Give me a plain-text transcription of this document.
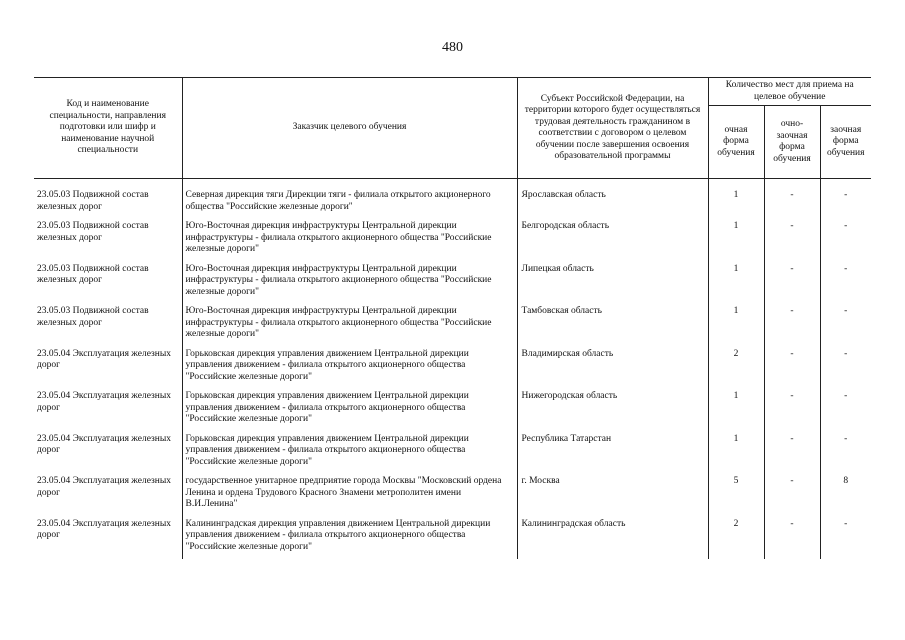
480
Код и наименование специальности, направления подготовки или шифр и наименование научной специальности	Заказчик целевого обучения	Субъект Российской Федерации, на территории которого будет осуществляться трудовая деятельность гражданином в соответствии с договором о целевом обучении после завершения освоения образовательной программы	Количество мест для приема на целевое обучение		
			очная форма обучения	очно-заочная форма обучения	заочная форма обучения

23.05.03 Подвижной состав железных дорог	Северная дирекция тяги Дирекции тяги - филиала открытого акционерного общества "Российские железные дороги"	Ярославская область	1	-	-
23.05.03 Подвижной состав железных дорог	Юго-Восточная дирекция инфраструктуры Центральной дирекции инфраструктуры - филиала открытого акционерного общества "Российские железные дороги"	Белгородская область	1	-	-
23.05.03 Подвижной состав железных дорог	Юго-Восточная дирекция инфраструктуры Центральной дирекции инфраструктуры - филиала открытого акционерного общества "Российские железные дороги"	Липецкая область	1	-	-
23.05.03 Подвижной состав железных дорог	Юго-Восточная дирекция инфраструктуры Центральной дирекции инфраструктуры - филиала открытого акционерного общества "Российские железные дороги"	Тамбовская область	1	-	-
23.05.04 Эксплуатация железных дорог	Горьковская дирекция управления движением Центральной дирекции управления движением - филиала открытого акционерного общества "Российские железные дороги"	Владимирская область	2	-	-
23.05.04 Эксплуатация железных дорог	Горьковская дирекция управления движением Центральной дирекции управления движением - филиала открытого акционерного общества "Российские железные дороги"	Нижегородская область	1	-	-
23.05.04 Эксплуатация железных дорог	Горьковская дирекция управления движением Центральной дирекции управления движением - филиала открытого акционерного общества "Российские железные дороги"	Республика Татарстан	1	-	-
23.05.04 Эксплуатация железных дорог	государственное унитарное предприятие города Москвы "Московский ордена Ленина и ордена Трудового Красного Знамени метрополитен имени В.И.Ленина"	г. Москва	5	-	8
23.05.04 Эксплуатация железных дорог	Калининградская дирекция управления движением Центральной дирекции управления движением - филиала открытого акционерного общества "Российские железные дороги"	Калининградская область	2	-	-
